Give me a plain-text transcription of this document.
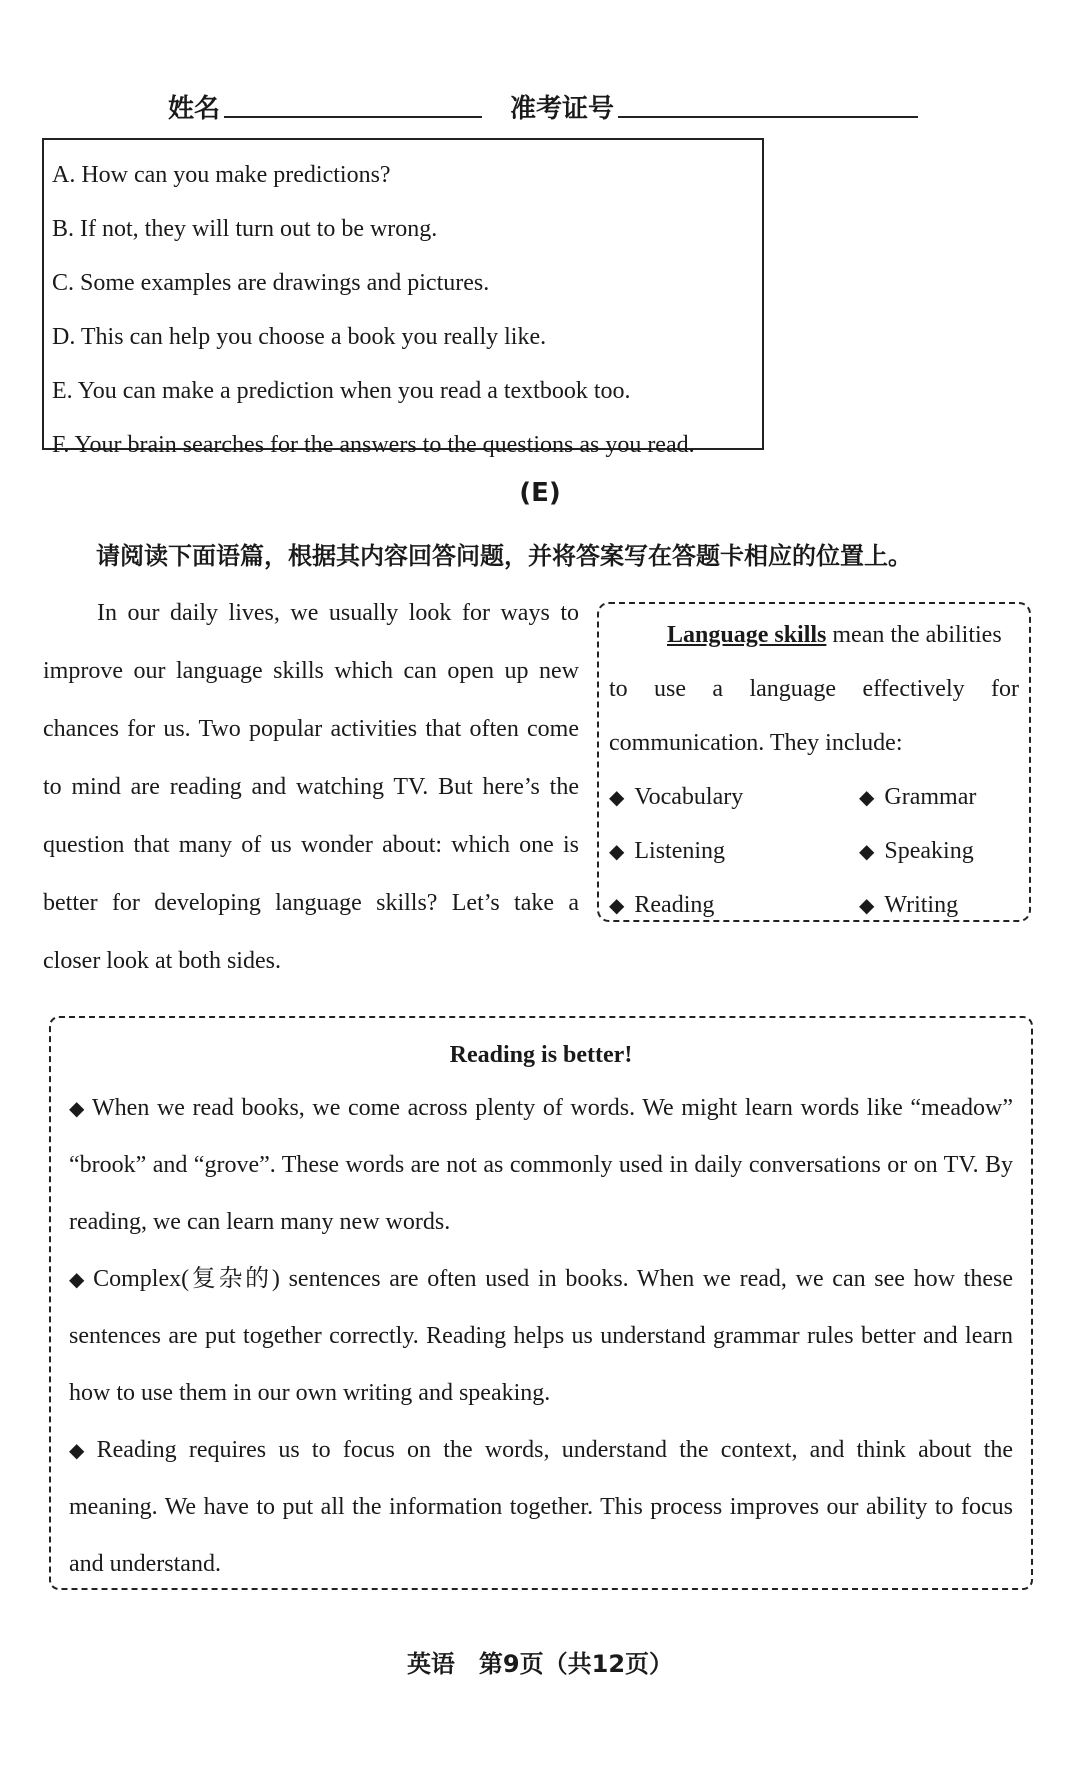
姓名	准考证号
A. How can you make predictions?
B. If not, they will turn out to be wrong.
C. Some examples are drawings and pictures.
D. This can help you choose a book you really like.
E. You can make a prediction when you read a textbook too.
F. Your brain searches for the answers to the questions as you read.
(E)
请阅读下面语篇，根据其内容回答问题，并将答案写在答题卡相应的位置上。

In our daily lives, we usually look for ways to improve our language skills which can open up new chances for us. Two popular activities that often come to mind are reading and watching TV. But here’s the question that many of us wonder about: which one is better for developing language skills? Let’s take a closer look at both sides.

Language skills mean the abilities
to use a language effectively for
communication. They include:
◆ Vocabulary	◆ Grammar
◆ Listening	◆ Speaking
◆ Reading	◆ Writing
Reading is better!

◆ When we read books, we come across plenty of words. We might learn words like “meadow” “brook” and “grove”. These words are not as commonly used in daily conversations or on TV. By reading, we can learn many new words.

◆ Complex(复杂的) sentences are often used in books. When we read, we can see how these sentences are put together correctly. Reading helps us understand grammar rules better and learn how to use them in our own writing and speaking.

◆ Reading requires us to focus on the words, understand the context, and think about the meaning. We have to put all the information together. This process improves our ability to focus and understand.

英语　第9页（共12页）
